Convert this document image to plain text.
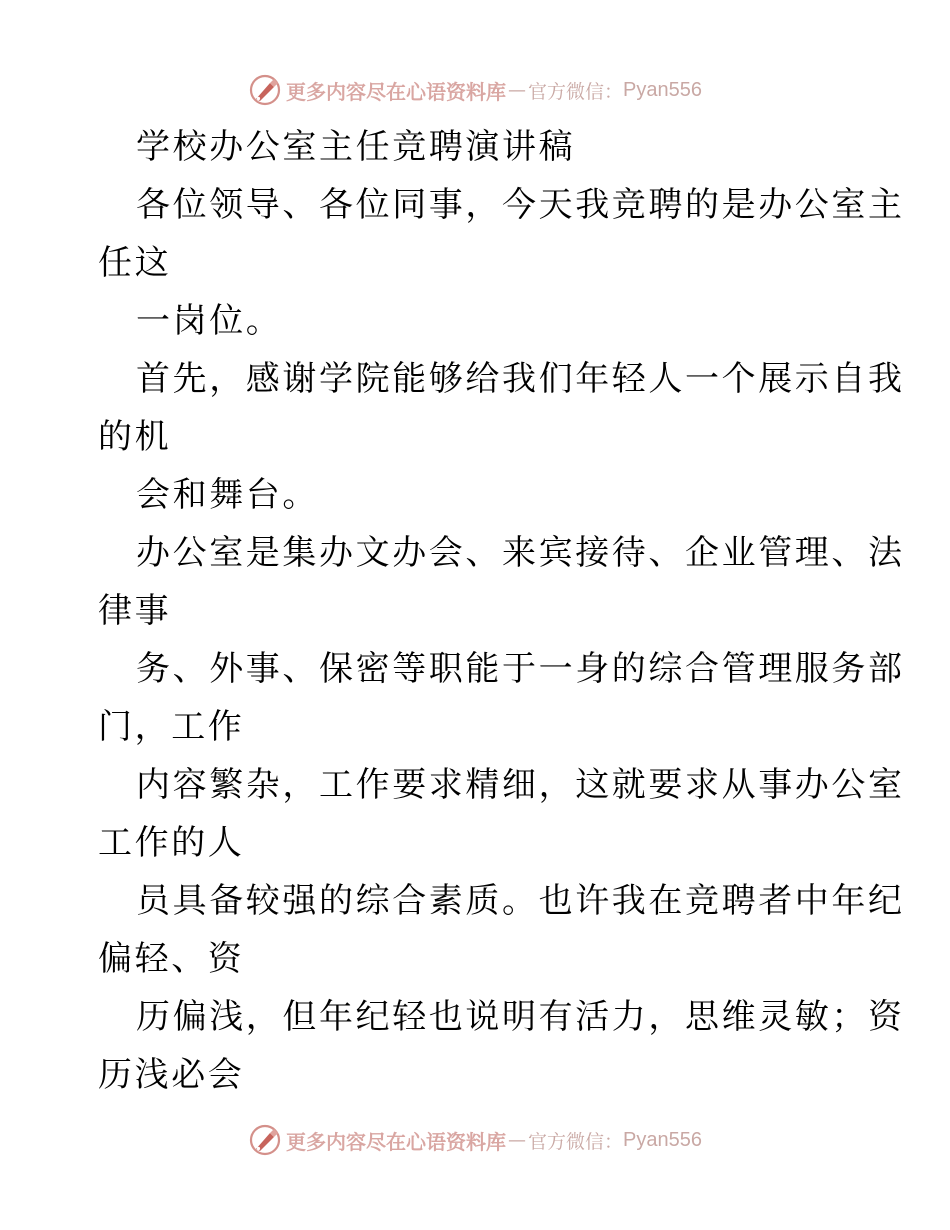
更多内容尽在心语资料库 — 官方微信： Pyan556
学校办公室主任竞聘演讲稿
各位领导、各位同事，今天我竞聘的是办公室主
任这
一岗位。
首先，感谢学院能够给我们年轻人一个展示自我
的机
会和舞台。
办公室是集办文办会、来宾接待、企业管理、法
律事
务、外事、保密等职能于一身的综合管理服务部
门，工作
内容繁杂，工作要求精细，这就要求从事办公室
工作的人
员具备较强的综合素质。也许我在竞聘者中年纪
偏轻、资
历偏浅，但年纪轻也说明有活力，思维灵敏；资
历浅必会
更多内容尽在心语资料库 — 官方微信： Pyan556
